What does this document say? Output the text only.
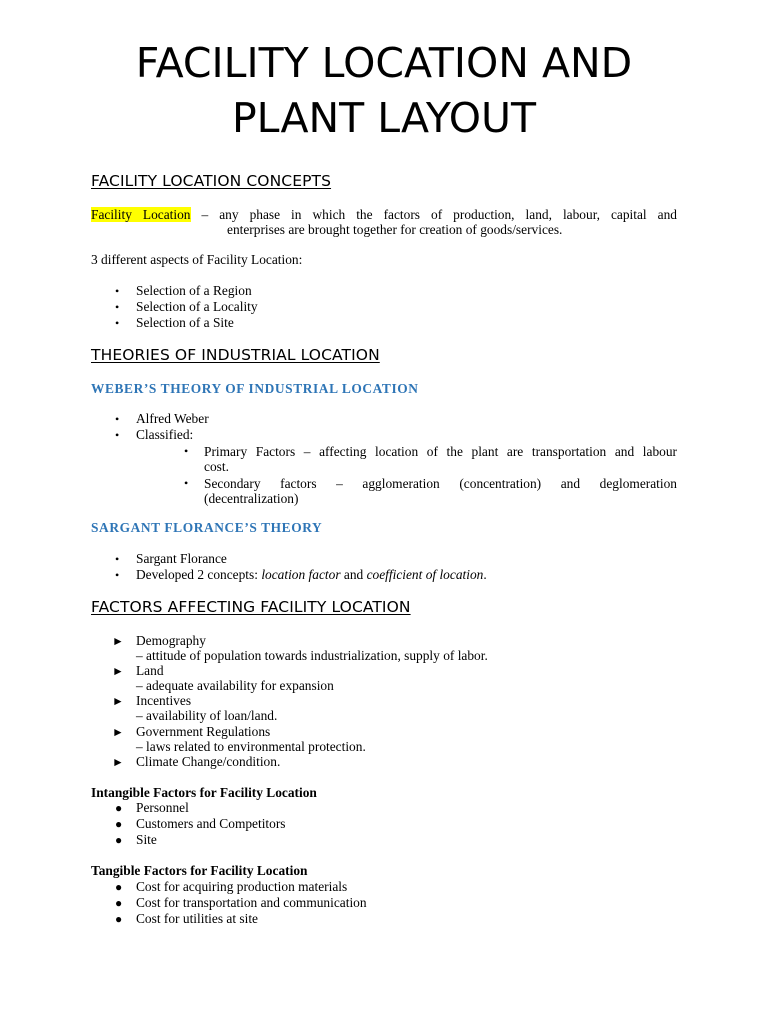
FACILITY LOCATION AND
PLANT LAYOUT
FACILITY LOCATION CONCEPTS

Facility Location – any phase in which the factors of production, land, labour, capital and

enterprises are brought together for creation of goods/services.

3 different aspects of Facility Location:

• Selection of a Region
• Selection of a Locality
• Selection of a Site
THEORIES OF INDUSTRIAL LOCATION
WEBER’S THEORY OF INDUSTRIAL LOCATION
• Alfred Weber
• Classified:

• Primary Factors – affecting location of the plant are transportation and labour

cost.

• Secondary factors – agglomeration (concentration) and deglomeration

(decentralization)

SARGANT FLORANCE’S THEORY
• Sargant Florance
• Developed 2 concepts: location factor and coefficient of location.
FACTORS AFFECTING FACILITY LOCATION
► Demography
– attitude of population towards industrialization, supply of labor.
► Land
– adequate availability for expansion
► Incentives
– availability of loan/land.
► Government Regulations
– laws related to environmental protection.
► Climate Change/condition.

Intangible Factors for Facility Location

● Personnel
● Customers and Competitors
● Site

Tangible Factors for Facility Location

● Cost for acquiring production materials
● Cost for transportation and communication
● Cost for utilities at site
